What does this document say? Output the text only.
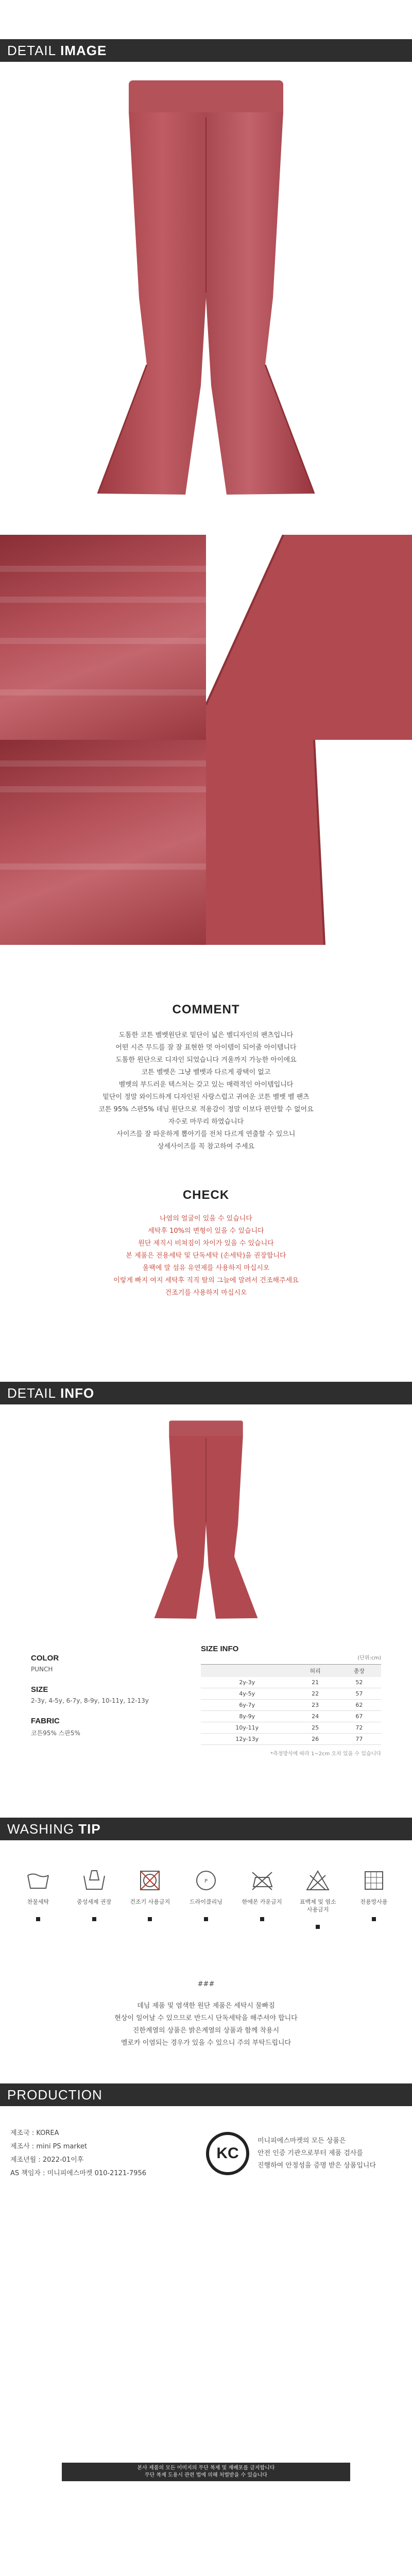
DETAIL IMAGE
COMMENT
도톰한 코튼 벨벳원단로 밑단이 넓은 벨디자인의 팬츠입니다
어떤 시즌 무드를 잘 잘 표현한 멋 아이템이 되어줄 아이템니다
도톰한 원단으로 디자인 되었습니다 겨울까지 가능한 아이에요
코튼 벨벳은 그냥 벨벳과 다르게 광택이 없고
벨벳의 부드러운 텍스처는 갖고 있는 매력적인 아이템입니다
밑단이 정말 와이드하게 디자인된 사랑스럽고 귀여운 코튼 벨벳 벨 팬츠
코튼 95% 스판5% 데님 원단으로 적용감이 정말 이보다 편안할 수 없어요
자수로 마무리 하였습니다
사이즈를 잘 따운하게 뽑아기를 전처 다르게 연출할 수 있으니
상세사이즈를 꼭 참고하여 주세요
CHECK
나염의 얼굴이 있을 수 있습니다
세탁후 10%의 변형이 있을 수 있습니다
원단 제직시 비쳐짐이 차이가 있을 수 있습니다
본 제품은 전용세탁 및 단독세탁 (손세탁)을 권장합니다
울팩에 말 섬유 유연제를 사용하지 마십시오
이렇게 빠지 여지 세탁후 직직 탈의 그늘에 말려서 건조해주세요
건조기를 사용하지 마십시오
DETAIL INFO
COLOR
PUNCH
SIZE
2-3y, 4-5y, 6-7y, 8-9y, 10-11y, 12-13y
FABRIC
코튼95% 스판5%
SIZE INFO
(단위:cm)
	허리	총장
2y-3y	21	52
4y-5y	22	57
6y-7y	23	62
8y-9y	24	67
10y-11y	25	72
12y-13y	26	77
*측정방식에 따라 1~2cm 오차 있을 수 있습니다
WASHING TIP
찬물세탁	중성세제 권장	건조기 사용금지
P
드라이클리닝	한에몬 카운금지	표백제 및 염소 사용금지
전용망사용
###
데님 제품 및 염색한 원단 제품은 세탁시 물빠짐
현상이 일어날 수 있으므로 반드시 단독세탁을 해주셔야 합니다
진한계열의 상품은 밝은계열의 상품과 함께 착용시
옐로카 이염되는 경우가 있을 수 있으니 주의 부탁드립니다
PRODUCTION
제조국 : KOREA
제조사 : mini PS market
제조년월 : 2022-01이후
AS 책임자 : 미니피에스마켓 010-2121-7956
KC
미니피에스마켓의 모든 상품은
안전 인증 기관으로부터 제품 검사를
진행하여 안정성을 증명 받은 상품입니다
본사 제품의 모든 이미지의 무단 복제 및 재배포를 금지합니다
무단 복제 도용시 관련 법에 의해 처벌받을 수 있습니다
